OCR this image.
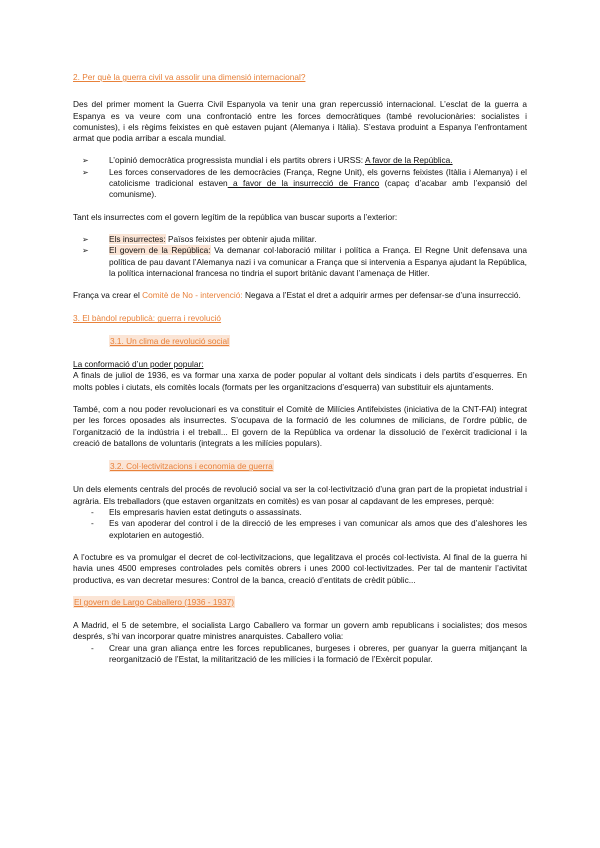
2. Per què la guerra civil va assolir una dimensió internacional?

Des del primer moment la Guerra Civil Espanyola va tenir una gran repercussió internacional. L’esclat de la guerra a Espanya es va veure com una confrontació entre les forces democràtiques (també revolucionàries: socialistes i comunistes), i els règims feixistes en què estaven pujant (Alemanya i Itàlia). S’estava produint a Espanya l’enfrontament armat que podia arribar a escala mundial.

➢ L’opinió democràtica progressista mundial i els partits obrers i URSS: A favor de la República.
➢ Les forces conservadores de les democràcies (França, Regne Unit), els governs feixistes (Itàlia i Alemanya) i el catolicisme tradicional estaven a favor de la insurrecció de Franco (capaç d’acabar amb l’expansió del comunisme).

Tant els insurrectes com el govern legítim de la república van buscar suports a l’exterior:

➢ Els insurrectes: Països feixistes per obtenir ajuda militar.
➢ El govern de la República: Va demanar col·laboració militar i política a França. El Regne Unit defensava una política de pau davant l’Alemanya nazi i va comunicar a França que si intervenia a Espanya ajudant la República, la política internacional francesa no tindria el suport britànic davant l’amenaça de Hitler.

França va crear el Comitè de No - intervenció: Negava a l’Estat el dret a adquirir armes per defensar-se d’una insurrecció.

3. El bàndol republicà: guerra i revolució

3.1. Un clima de revolució social

La conformació d’un poder popular:

A finals de juliol de 1936, es va formar una xarxa de poder popular al voltant dels sindicats i dels partits d’esquerres. En molts pobles i ciutats, els comitès locals (formats per les organitzacions d’esquerra) van substituir els ajuntaments.

També, com a nou poder revolucionari es va constituir el Comitè de Milícies Antifeixistes (iniciativa de la CNT-FAI) integrat per les forces oposades als insurrectes. S’ocupava de la formació de les columnes de milicians, de l’ordre públic, de l’organització de la indústria i el treball... El govern de la República va ordenar la dissolució de l’exèrcit tradicional i la creació de batallons de voluntaris (integrats a les milícies populars).

3.2. Col·lectivitzacions i economia de guerra

Un dels elements centrals del procés de revolució social va ser la col·lectivització d’una gran part de la propietat industrial i agrària. Els treballadors (que estaven organitzats en comitès) es van posar al capdavant de les empreses, perquè:

- Els empresaris havien estat detinguts o assassinats.
- Es van apoderar del control i de la direcció de les empreses i van comunicar als amos que des d’aleshores les explotarien en autogestió.

A l’octubre es va promulgar el decret de col·lectivitzacions, que legalitzava el procés col·lectivista. Al final de la guerra hi havia unes 4500 empreses controlades pels comitès obrers i unes 2000 col·lectivitzades. Per tal de mantenir l’activitat productiva, es van decretar mesures: Control de la banca, creació d’entitats de crèdit públic...

El govern de Largo Caballero (1936 - 1937)

A Madrid, el 5 de setembre, el socialista Largo Caballero va formar un govern amb republicans i socialistes; dos mesos després, s’hi van incorporar quatre ministres anarquistes. Caballero volia:

- Crear una gran aliança entre les forces republicanes, burgeses i obreres, per guanyar la guerra mitjançant la reorganització de l’Estat, la militarització de les milícies i la formació de l’Exèrcit popular.
